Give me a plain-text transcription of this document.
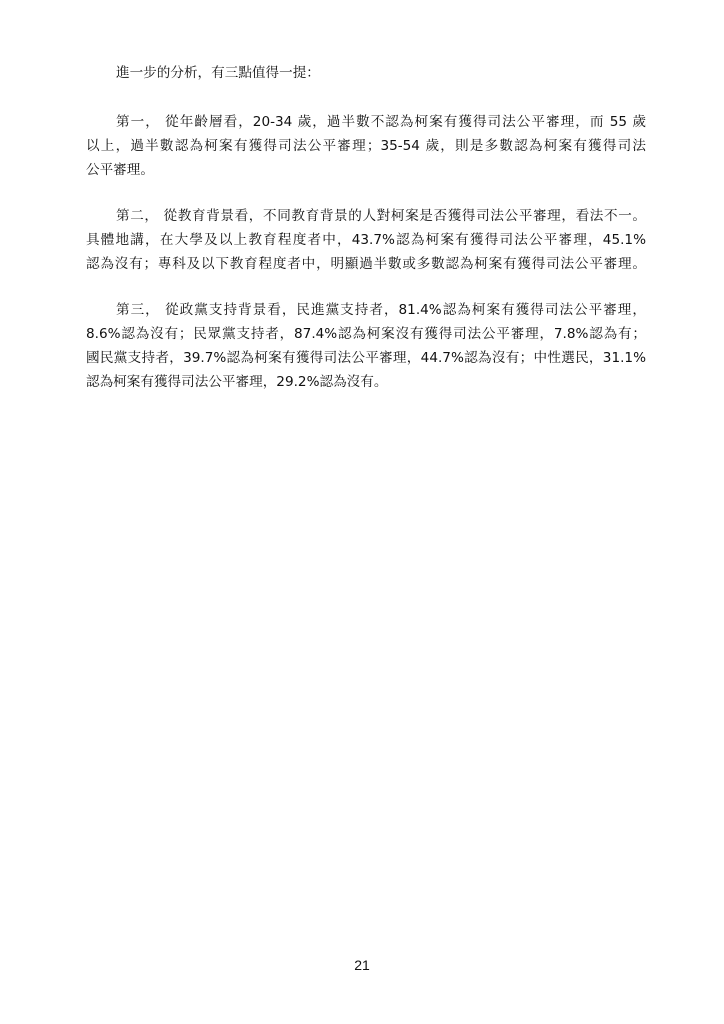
進一步的分析，有三點值得一提：
第一， 從年齡層看，20-34 歲，過半數不認為柯案有獲得司法公平審理，而 55 歲
以上，過半數認為柯案有獲得司法公平審理；35-54 歲，則是多數認為柯案有獲得司法
公平審理。
第二， 從教育背景看，不同教育背景的人對柯案是否獲得司法公平審理，看法不一。
具體地講，在大學及以上教育程度者中，43.7%認為柯案有獲得司法公平審理，45.1%
認為沒有；專科及以下教育程度者中，明顯過半數或多數認為柯案有獲得司法公平審理。
第三， 從政黨支持背景看，民進黨支持者，81.4%認為柯案有獲得司法公平審理，
8.6%認為沒有；民眾黨支持者，87.4%認為柯案沒有獲得司法公平審理，7.8%認為有；
國民黨支持者，39.7%認為柯案有獲得司法公平審理，44.7%認為沒有；中性選民，31.1%
認為柯案有獲得司法公平審理，29.2%認為沒有。
21
